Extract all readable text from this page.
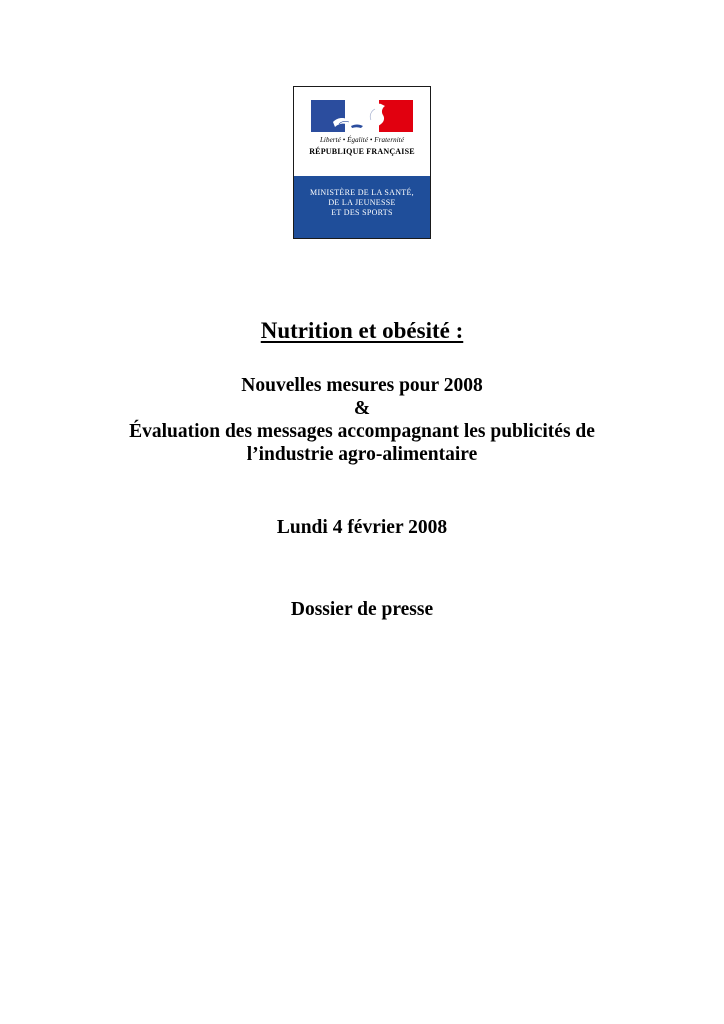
Liberté • Égalité • Fraternité
RÉPUBLIQUE FRANÇAISE
MINISTÈRE DE LA SANTÉ,
DE LA JEUNESSE
ET DES SPORTS
Nutrition et obésité :
Nouvelles mesures pour 2008
&
Évaluation des messages accompagnant les publicités de
l’industrie agro-alimentaire
Lundi 4 février 2008
Dossier de presse
